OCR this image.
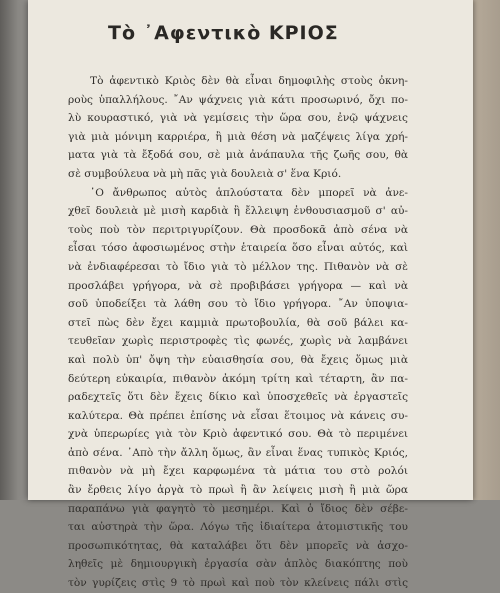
Τὸ ᾿Αφεντικὸ ΚΡΙΟΣ
Τὸ ἀφεντικὸ Κριὸς δὲν θὰ εἶναι δημοφιλὴς στοὺς ὀκνη-
ροὺς ὑπαλλήλους. ῎Αν ψάχνεις γιὰ κάτι προσωρινό, ὄχι πο-
λὺ κουραστικό, γιὰ νὰ γεμίσεις τὴν ὥρα σου, ἐνῷ ψάχνεις
γιὰ μιὰ μόνιμη καρριέρα, ἢ μιὰ θέση νὰ μαζέψεις λίγα χρή-
ματα γιὰ τὰ ἔξοδά σου, σὲ μιὰ ἀνάπαυλα τῆς ζωῆς σου, θὰ
σὲ συμβούλευα νὰ μὴ πᾶς γιὰ δουλειὰ σ' ἕνα Κριό.
῾Ο ἄνθρωπος αὐτὸς ἁπλούστατα δὲν μπορεῖ νὰ ἀνε-
χθεῖ δουλειὰ μὲ μισὴ καρδιὰ ἢ ἔλλειψη ἐνθουσιασμοῦ σ' αὐ-
τοὺς ποὺ τὸν περιτριγυρίζουν. Θὰ προσδοκᾶ ἀπὸ σένα νὰ
εἶσαι τόσο ἀφοσιωμένος στὴν ἑταιρεία ὅσο εἶναι αὐτός, καὶ
νὰ ἐνδιαφέρεσαι τὸ ἴδιο γιὰ τὸ μέλλον της. Πιθανὸν νὰ σὲ
προσλάβει γρήγορα, νὰ σὲ προβιβάσει γρήγορα — καὶ νὰ
σοῦ ὑποδείξει τὰ λάθη σου τὸ ἴδιο γρήγορα. ῎Αν ὑποψια-
στεῖ πὼς δὲν ἔχει καμμιὰ πρωτοβουλία, θὰ σοῦ βάλει κα-
τευθεῖαν χωρὶς περιστροφὲς τὶς φωνές, χωρὶς νὰ λαμβάνει
καὶ πολὺ ὑπ' ὄψη τὴν εὐαισθησία σου, θὰ ἔχεις ὅμως μιὰ
δεύτερη εὐκαιρία, πιθανὸν ἀκόμη τρίτη καὶ τέταρτη, ἂν πα-
ραδεχτεῖς ὅτι δὲν ἔχεις δίκιο καὶ ὑποσχεθεῖς νὰ ἐργαστεῖς
καλύτερα. Θὰ πρέπει ἐπίσης νὰ εἶσαι ἕτοιμος νὰ κάνεις συ-
χνὰ ὑπερωρίες γιὰ τὸν Κριὸ ἀφεντικό σου. Θὰ τὸ περιμένει
ἀπὸ σένα. ᾿Απὸ τὴν ἄλλη ὅμως, ἂν εἶναι ἕνας τυπικὸς Κριός,
πιθανὸν νὰ μὴ ἔχει καρφωμένα τὰ μάτια του στὸ ρολόι
ἂν ἔρθεις λίγο ἀργὰ τὸ πρωὶ ἢ ἂν λείψεις μισὴ ἢ μιὰ ὥρα
παραπάνω γιὰ φαγητὸ τὸ μεσημέρι. Καὶ ὁ ἴδιος δὲν σέβε-
ται αὐστηρὰ τὴν ὥρα. Λόγω τῆς ἰδιαίτερα ἀτομιστικῆς του
προσωπικότητας, θὰ καταλάβει ὅτι δὲν μπορεῖς νὰ ἀσχο-
ληθεῖς μὲ δημιουργικὴ ἐργασία σὰν ἁπλὸς διακόπτης ποὺ
τὸν γυρίζεις στὶς 9 τὸ πρωὶ καὶ ποὺ τὸν κλείνεις πάλι στὶς
